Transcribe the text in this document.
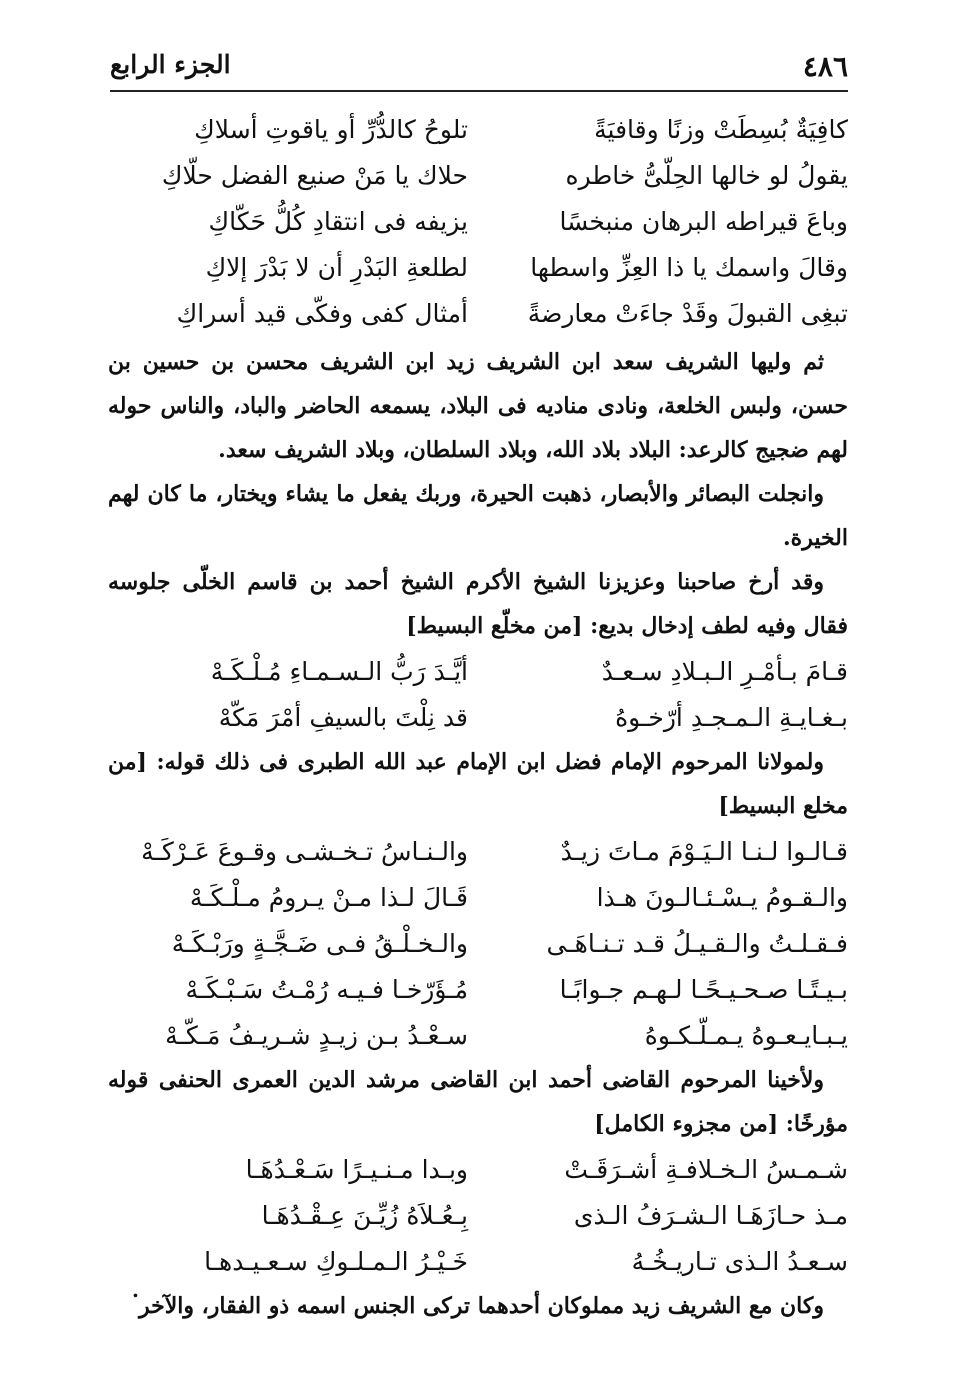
٤٨٦
الجزء الرابع
كافِيَةٌ بُسِطَتْ وزنًا وقافيَةً
تلوحُ كالدُّرِّ أو ياقوتِ أسلاكِ
يقولُ لو خالها الحِلّىُّ خاطره
حلاك يا مَنْ صنيع الفضل حلّاكِ
وباعَ قيراطه البرهان منبخسًا
يزيفه فى انتقادِ كُلُّ حَكّاكِ
وقالَ واسمك يا ذا العِزِّ واسطها
لطلعةِ البَدْرِ أن لا بَدْرَ إلاكِ
تبغِى القبولَ وقَدْ جاءَتْ معارضةً
أمثال كفى وفكّى قيد أسراكِ

ثم وليها الشريف سعد ابن الشريف زيد ابن الشريف محسن بن حسين بن حسن، ولبس الخلعة، ونادى مناديه فى البلاد، يسمعه الحاضر والباد، والناس حوله لهم ضجيج كالرعد: البلاد بلاد الله، وبلاد السلطان، وبلاد الشريف سعد.

وانجلت البصائر والأبصار، ذهبت الحيرة، وربك يفعل ما يشاء ويختار، ما كان لهم الخيرة.

وقد أرخ صاحبنا وعزيزنا الشيخ الأكرم الشيخ أحمد بن قاسم الخلّى جلوسه فقال وفيه لطف إدخال بديع: [من مخلّع البسيط]

قـامَ بـأمْـرِ الـبـلادِ سـعـدٌ
أيَّـدَ رَبُّ الـسـمـاءِ مُـلْـكَـهْ
بـغـايـةِ الـمـجـدِ أرّخـوهُ
قد نِلْتَ بالسيفِ أمْرَ مَكّهْ

ولمولانا المرحوم الإمام فضل ابن الإمام عبد الله الطبرى فى ذلك قوله: [من مخلع البسيط]

قـالـوا لـنـا الـيَـوْمَ مـاتَ زيـدٌ
والـنـاسُ تـخـشـى وقـوعَ عَـرْكَـهْ
والـقـومُ يـسْـئـالـونَ هـذا
قَـالَ لـذا مـنْ يـرومُ مـلْـكَـهْ
فـقـلـتُ والـقـيـلُ قـد تـنـاهَـى
والـخـلْـقُ فـى ضَـجَّـةٍ ورَبْـكَـهْ
بـيـتًـا صـحـيـحًـا لـهـم جـوابًـا
مُـؤَرّخـا فـيـه رُمْـتُ سَـبْـكَـهْ
يـبـايـعـوهُ يـمـلّـكـوهُ
سـعْـدُ بـن زيـدٍ شـريـفُ مَـكّـهْ

ولأخينا المرحوم القاضى أحمد ابن القاضى مرشد الدين العمرى الحنفى قوله مؤرخًا: [من مجزوء الكامل]

شـمـسُ الـخـلافـةِ أشـرَقَـتْ
وبـدا مـنـيـرًا سَـعْـدُهَـا
مـذ حـازَهَـا الـشـرَفُ الـذى
بِـعُـلاَهُ زُيِّـنَ عِـقْـدُهَـا
سـعـدُ الـذى تـاريـخُـهُ
خَـيْـرُ الـمـلـوكِ سـعـيـدهـا

وكان مع الشريف زيد مملوكان أحدهما تركى الجنس اسمه ذو الفقار، والآخر

.
